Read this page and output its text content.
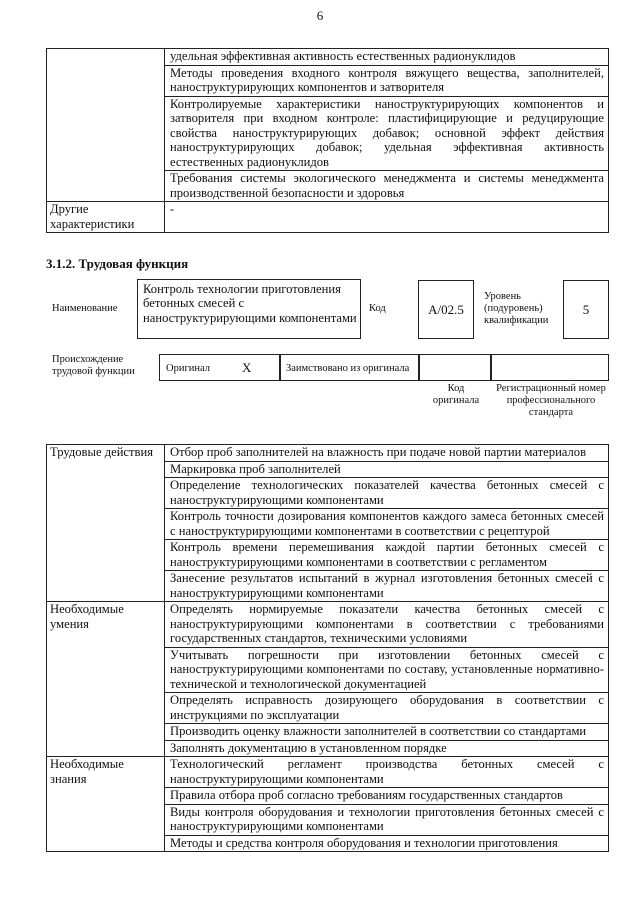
6
	удельная эффективная активность естественных радионуклидов
	Методы проведения входного контроля вяжущего вещества, заполнителей, наноструктурирующих компонентов и затворителя
	Контролируемые характеристики наноструктурирующих компонентов и затворителя при входном контроле: пластифицирующие и редуцирующие свойства наноструктурирующих добавок; основной эффект действия наноструктурирующих добавок; удельная эффективная активность естественных радионуклидов
	Требования системы экологического менеджмента и системы менеджмента производственной безопасности и здоровья
Другие характеристики	-
3.1.2. Трудовая функция
Наименование
Контроль технологии приготовления бетонных смесей с наноструктурирующими компонентами
Код	А/02.5
Уровень (подуровень) квалификации
5
Происхождение трудовой функции	Оригинал Х	Заимствовано из оригинала
Код оригинала
Регистрационный номер профессионального стандарта
Трудовые действия	Отбор проб заполнителей на влажность при подаче новой партии материалов
	Маркировка проб заполнителей
	Определение технологических показателей качества бетонных смесей с наноструктурирующими компонентами
	Контроль точности дозирования компонентов каждого замеса бетонных смесей с наноструктурирующими компонентами в соответствии с рецептурой
	Контроль времени перемешивания каждой партии бетонных смесей с наноструктурирующими компонентами в соответствии с регламентом
	Занесение результатов испытаний в журнал изготовления бетонных смесей с наноструктурирующими компонентами
Необходимые умения	Определять нормируемые показатели качества бетонных смесей с наноструктурирующими компонентами в соответствии с требованиями государственных стандартов, техническими условиями
	Учитывать погрешности при изготовлении бетонных смесей с наноструктурирующими компонентами по составу, установленные нормативно-технической и технологической документацией
	Определять исправность дозирующего оборудования в соответствии с инструкциями по эксплуатации
	Производить оценку влажности заполнителей в соответствии со стандартами
	Заполнять документацию в установленном порядке
Необходимые знания	Технологический регламент производства бетонных смесей с наноструктурирующими компонентами
	Правила отбора проб согласно требованиям государственных стандартов
	Виды контроля оборудования и технологии приготовления бетонных смесей с наноструктурирующими компонентами
	Методы и средства контроля оборудования и технологии приготовления
